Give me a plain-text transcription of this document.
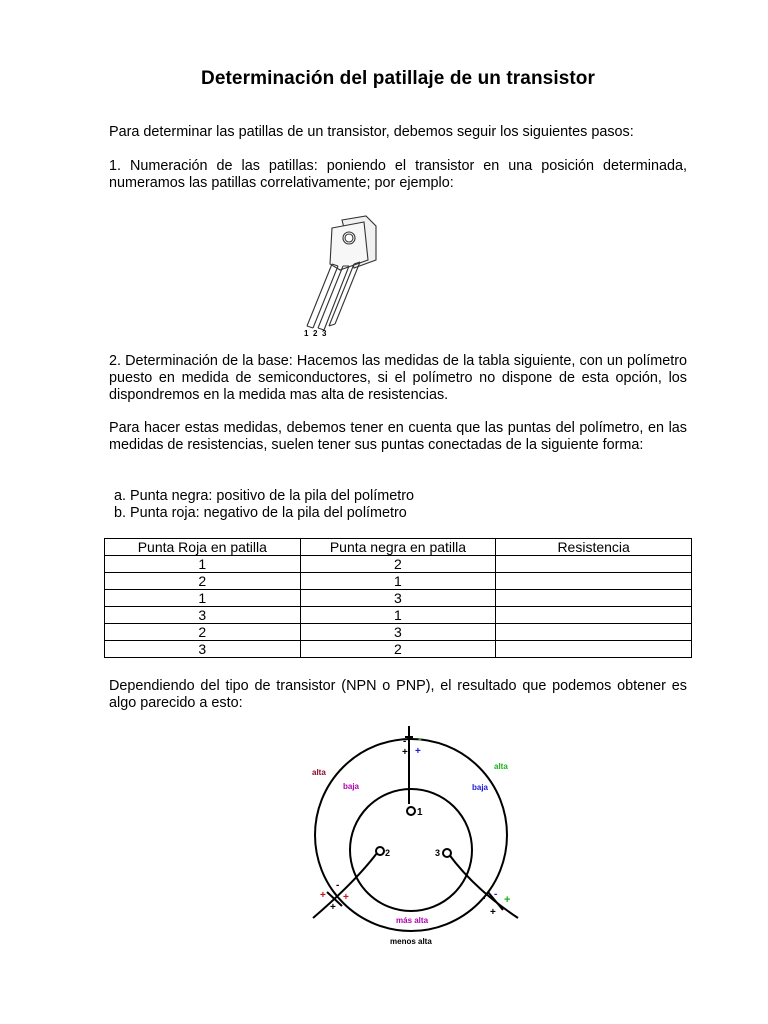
Determinación del patillaje de un transistor
Para determinar las patillas de un transistor, debemos seguir los siguientes pasos:
1. Numeración de las patillas: poniendo el transistor en una posición determinada, numeramos las patillas correlativamente; por ejemplo:
1 2 3
2. Determinación de la base: Hacemos las medidas de la tabla siguiente, con un polímetro puesto en medida de semiconductores, si el polímetro no dispone de esta opción, los dispondremos en la medida mas alta de resistencias.
Para hacer estas medidas, debemos tener en cuenta que las puntas del polímetro, en las medidas de resistencias, suelen tener sus puntas conectadas de la siguiente forma:
a. Punta negra: positivo de la pila del polímetro
b. Punta roja: negativo de la pila del polímetro
Punta Roja en patilla	Punta negra en patilla	Resistencia
1	2	
2	1	
1	3	
3	1	
2	3	
3	2	
Dependiendo del tipo de transistor (NPN o PNP), el resultado que podemos obtener es algo parecido a esto:
1
2	3
alta
baja
alta
baja
más alta
menos alta
-
+
-
+
-
+ +
+
- +
-
+
